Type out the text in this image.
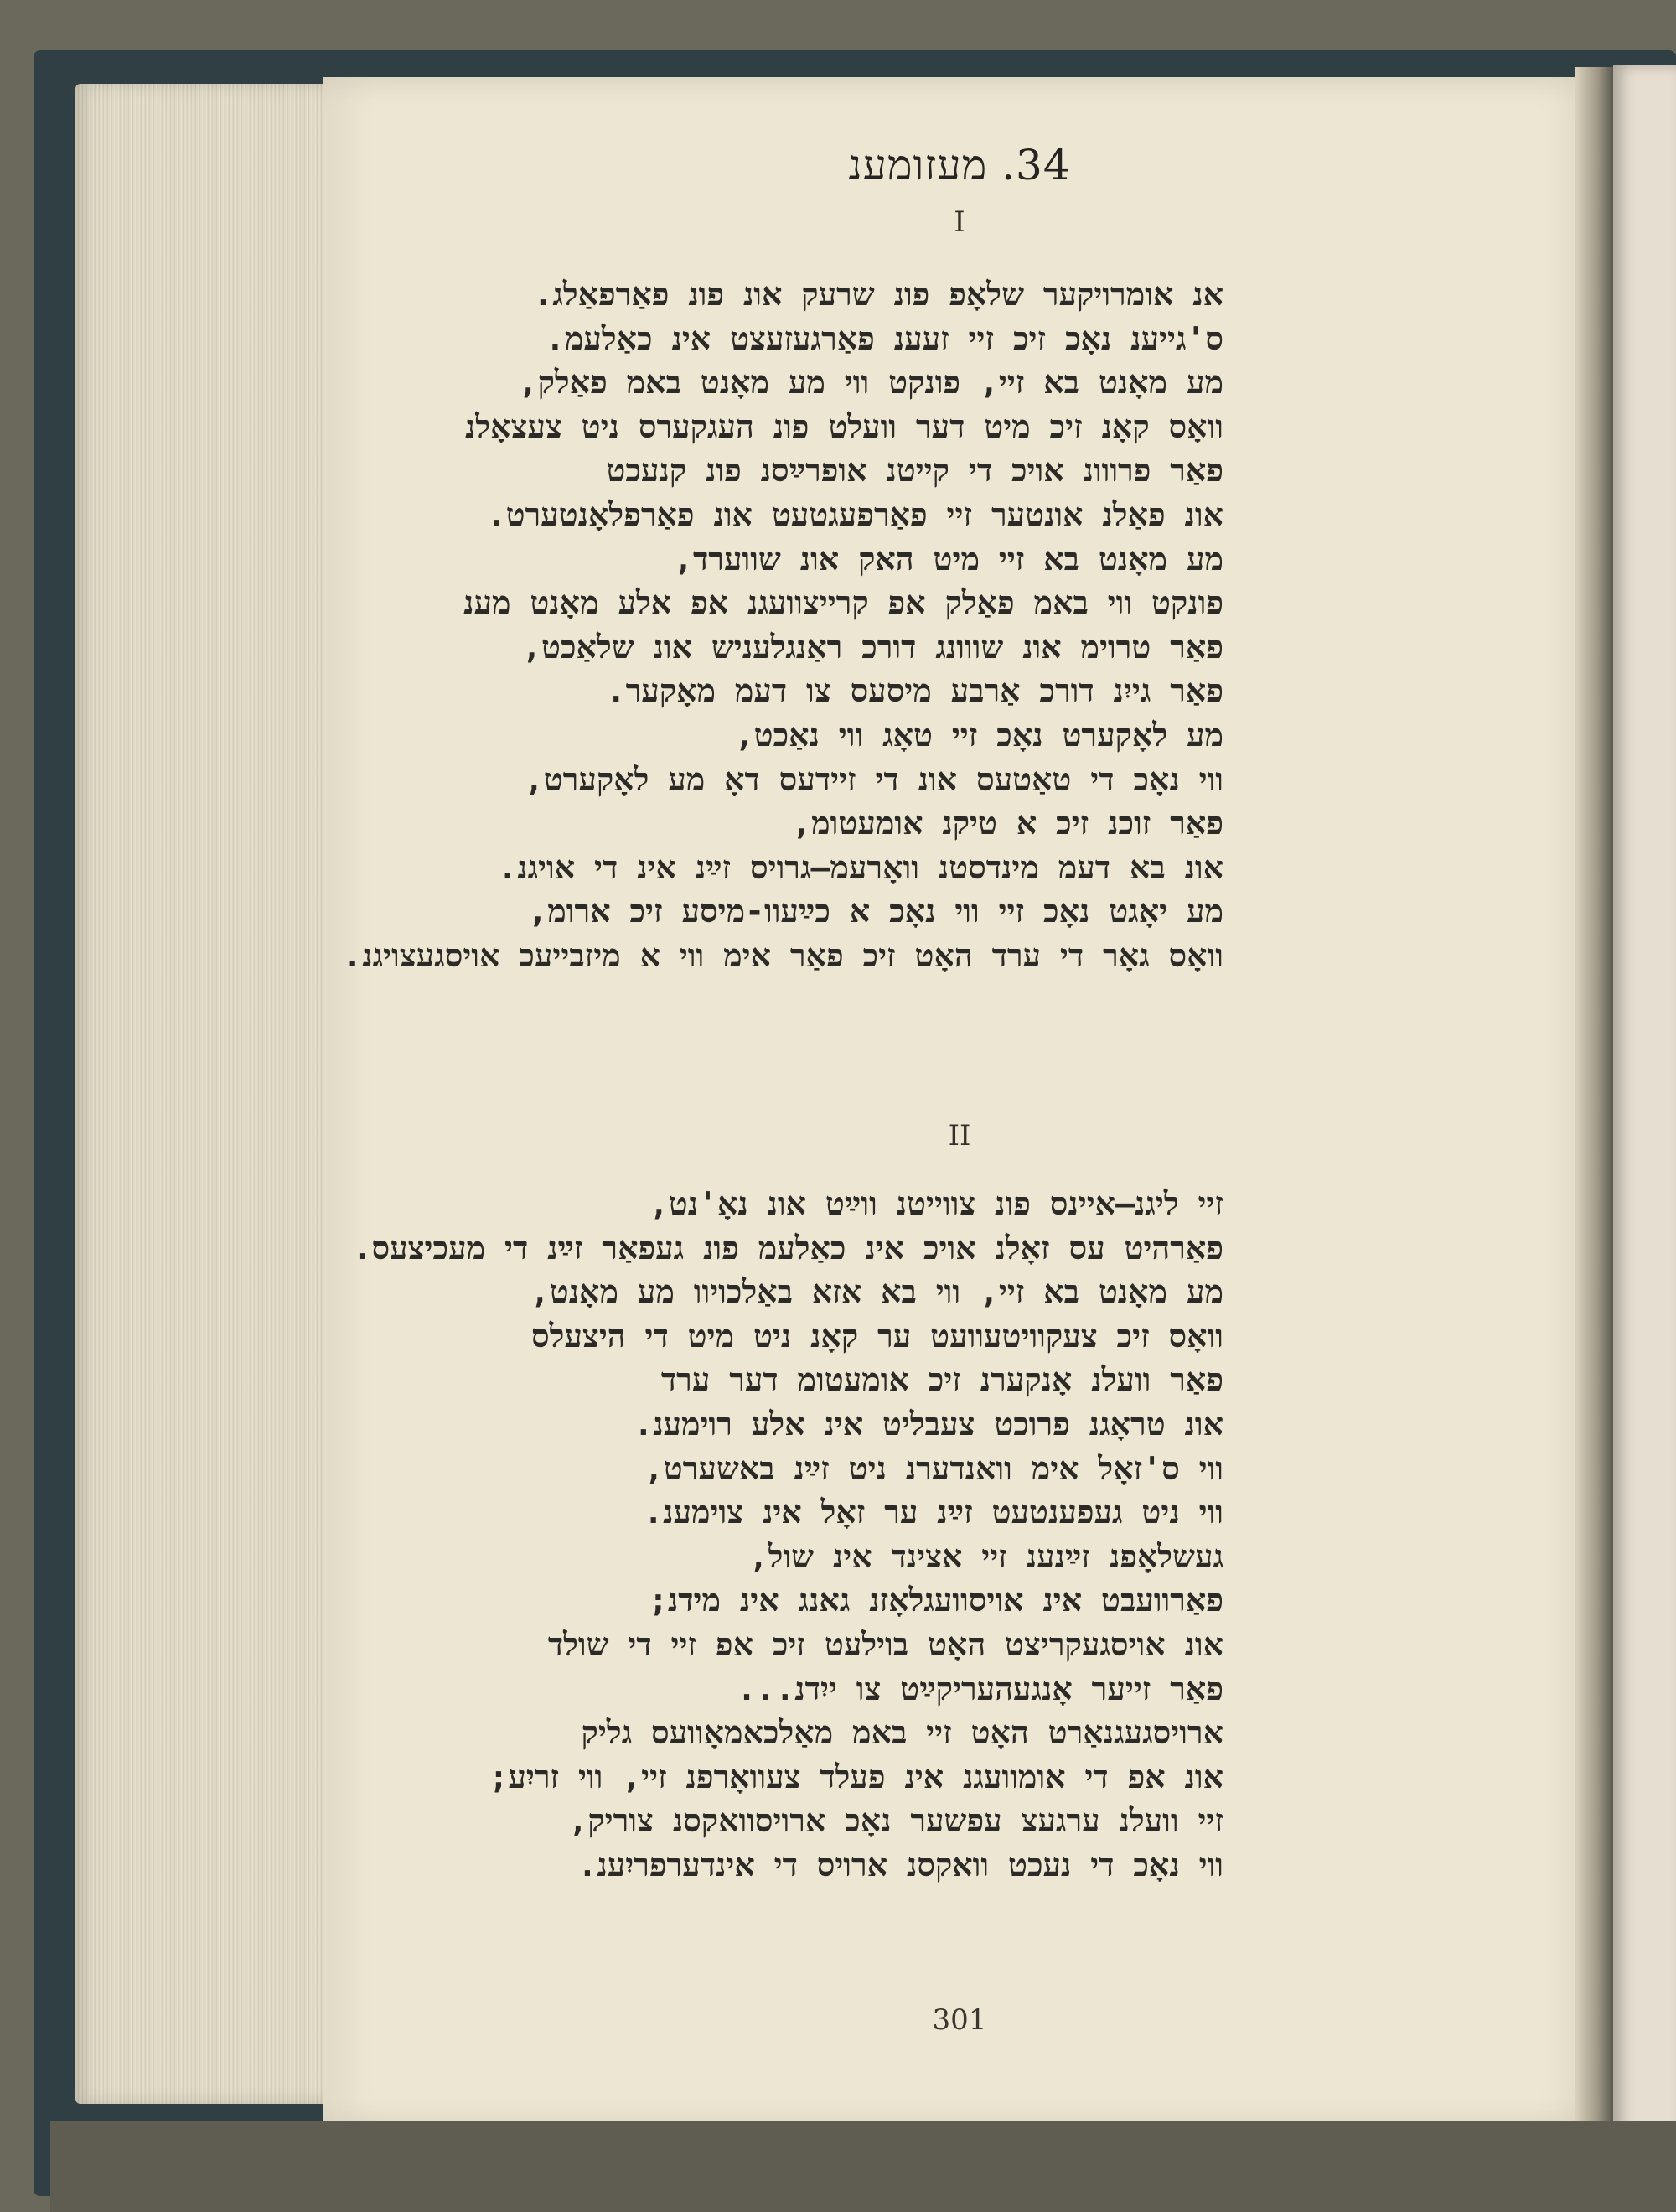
34. מעזומענ
I
אנ אומרויקער שלאָפ פונ שרעק אונ פונ פאַרפאַלג.
ס'גייענ נאָכ זיכ זיי זעענ פאַרגעזעצט אינ כאַלעמ.
מע מאָנט בא זיי, פונקט ווי מע מאָנט באמ פאַלק,
וואָס קאָנ זיכ מיט דער וועלט פונ העגקערס ניט צעצאָלנ
פאַר פרווונ אויכ די קייטנ אופרײַסנ פונ קנעכט
אונ פאַלנ אונטער זיי פאַרפעגטעט אונ פאַרפלאָנטערט.
מע מאָנט בא זיי מיט האק אונ שווערד,
פונקט ווי באמ פאַלק אפ קרייצוועגנ אפ אלע מאָנט מענ
פאַר טרוימ אונ שווונג דורכ ראַנגלעניש אונ שלאַכט,
פאַר גייִנ דורכ אַרבע מיסעס צו דעמ מאָקער.
מע לאָקערט נאָכ זיי טאָג ווי נאַכט,
ווי נאָכ די טאַטעס אונ די זיידעס דאָ מע לאָקערט,
פאַר זוכנ זיכ א טיקנ אומעטומ,
אונ בא דעמ מינדסטנ וואָרעמ—גרויס זײַנ אינ די אויגנ.
מע יאָגט נאָכ זיי ווי נאָכ א כײַעוו-מיסע זיכ ארומ,
וואָס גאָר די ערד האָט זיכ פאַר אימ ווי א מיזבייעכ אויסגעצויגנ.
II
זיי ליגנ—איינס פונ צווייטנ ווײַט אונ נאָ'נט,
פאַרהיט עס זאָלנ אויכ אינ כאַלעמ פונ געפאַר זײַנ די מעכיצעס.
מע מאָנט בא זיי, ווי בא אזא באַלכויוו מע מאָנט,
וואָס זיכ צעקוויטעוועט ער קאָנ ניט מיט די היצעלס
פאַר וועלנ אָנקערנ זיכ אומעטומ דער ערד
אונ טראָגנ פרוכט צעבליט אינ אלע רוימענ.
ווי ס'זאָל אימ וואנדערנ ניט זײַנ באשערט,
ווי ניט געפענטעט זײַנ ער זאָל אינ צוימענ.
געשלאָפנ זײַנענ זיי אצינד אינ שול,
פאַרוועבט אינ אויסוועגלאָזנ גאנג אינ מידנ;
אונ אויסגעקריצט האָט בוילעט זיכ אפ זיי די שולד
פאַר זייער אָנגעהעריקײַט צו ייִדנ...
ארויסגעגנאַרט האָט זיי באמ מאַלכאמאָוועס גליק
אונ אפ די אומוועגנ אינ פעלד צעוואָרפנ זיי, ווי זריִע;
זיי וועלנ ערגעצ עפשער נאָכ ארויסוואקסנ צוריק,
ווי נאָכ די נעכט וואקסנ ארויס די אינדערפריִענ.
301
